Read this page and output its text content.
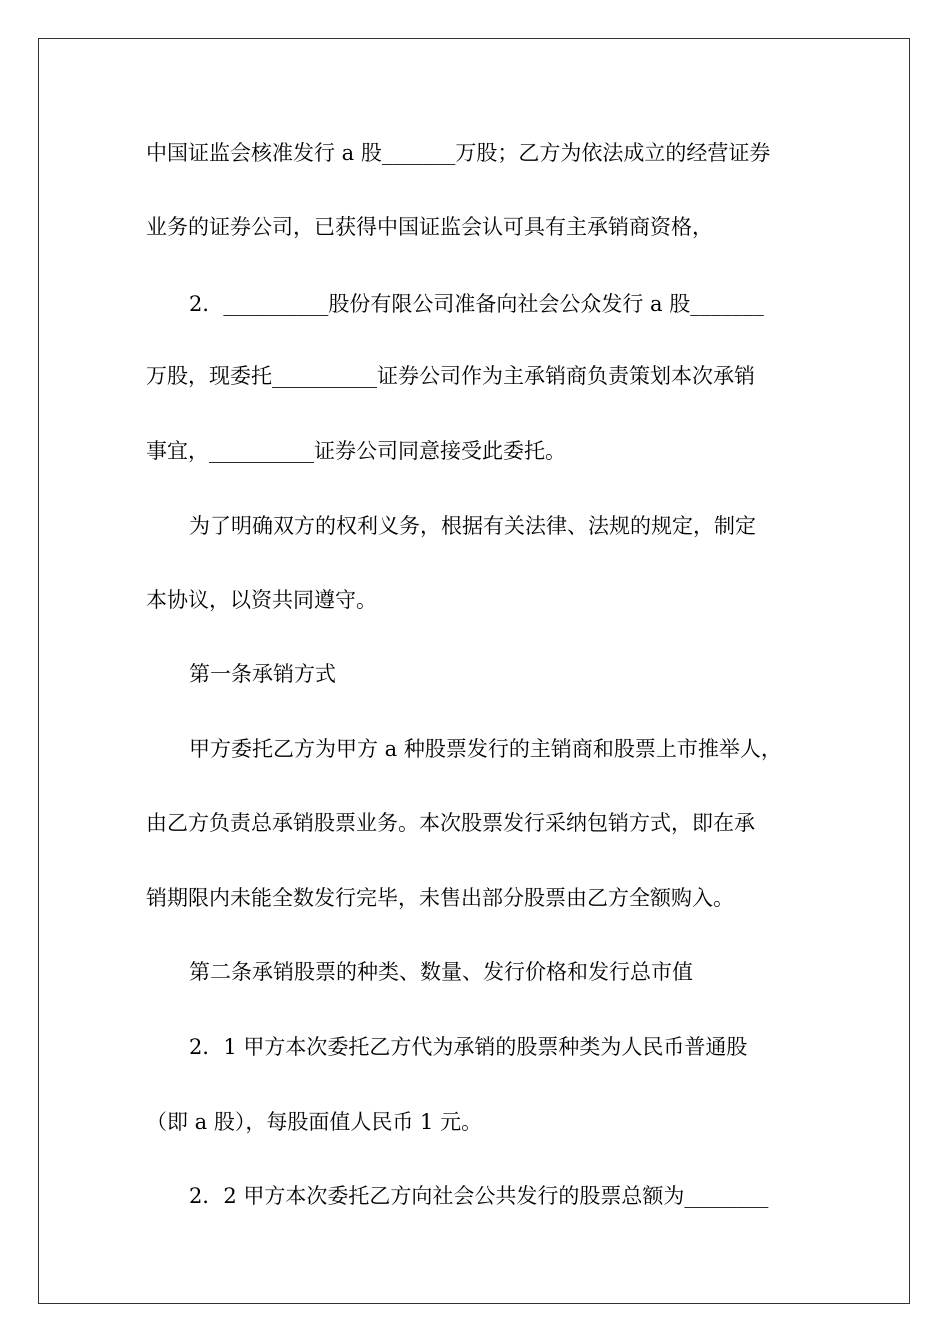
中国证监会核准发行 a 股_______万股；乙方为依法成立的经营证券
业务的证券公司，已获得中国证监会认可具有主承销商资格，
2．__________股份有限公司准备向社会公众发行 a 股_______
万股，现委托__________证券公司作为主承销商负责策划本次承销
事宜，__________证券公司同意接受此委托。
为了明确双方的权利义务，根据有关法律、法规的规定，制定
本协议，以资共同遵守。
第一条承销方式
甲方委托乙方为甲方 a 种股票发行的主销商和股票上市推举人，
由乙方负责总承销股票业务。本次股票发行采纳包销方式，即在承
销期限内未能全数发行完毕，未售出部分股票由乙方全额购入。
第二条承销股票的种类、数量、发行价格和发行总市值
2．1 甲方本次委托乙方代为承销的股票种类为人民币普通股
（即 a 股），每股面值人民币 1 元。
2．2 甲方本次委托乙方向社会公共发行的股票总额为________
